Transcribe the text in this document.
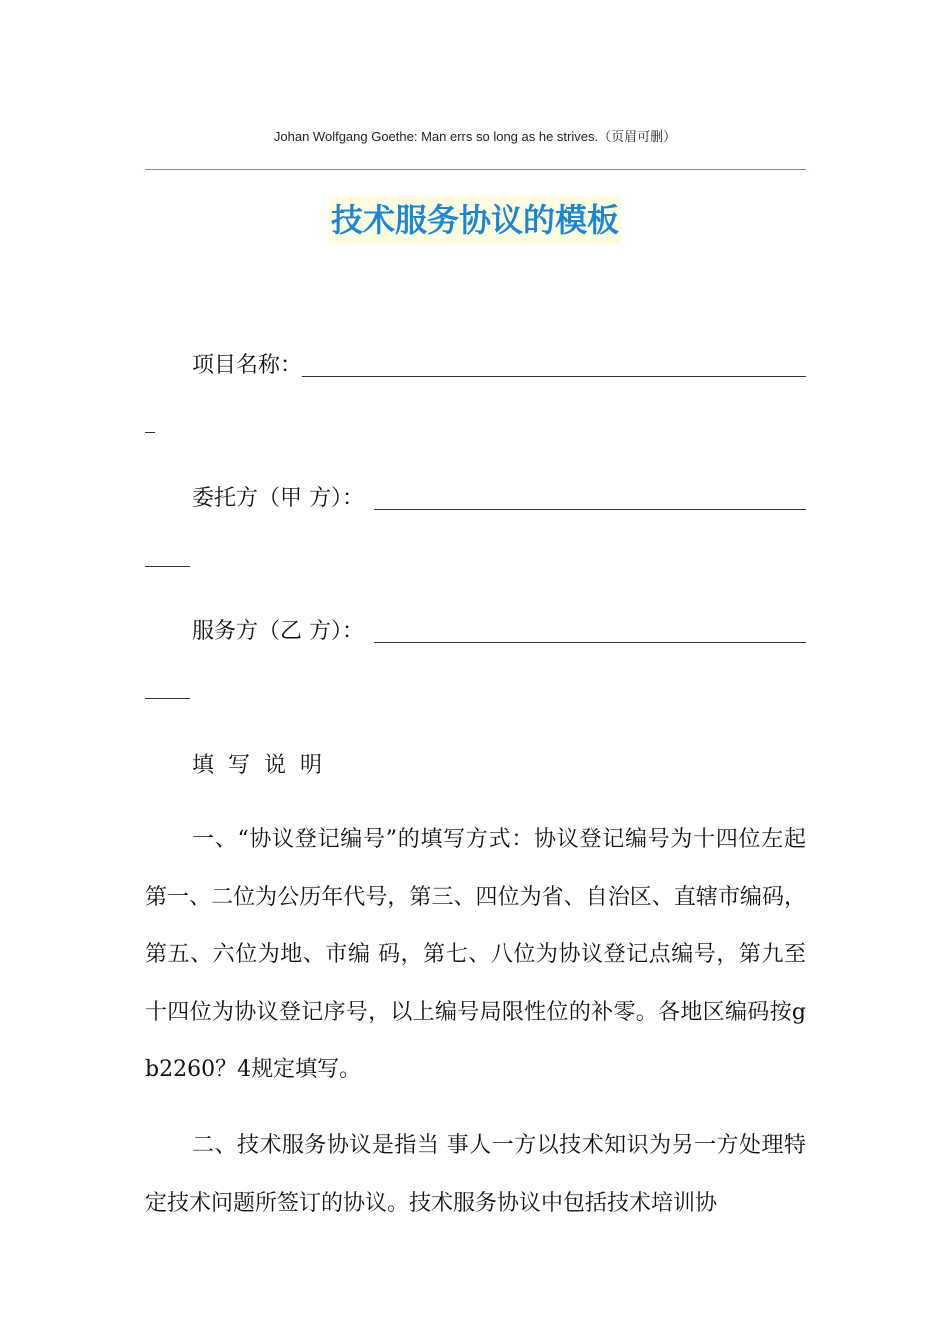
Johan Wolfgang Goethe: Man errs so long as he strives.（页眉可删）
技术服务协议的模板
项目名称：
委托方（甲 方）：
服务方（乙 方）：

填写说明

一、“协议登记编号”的填写方式：协议登记编号为十四位左起第一、二位为公历年代号，第三、四位为省、自治区、直辖市编码，第五、六位为地、市编 码，第七、八位为协议登记点编号，第九至十四位为协议登记序号，以上编号局限性位的补零。各地区编码按gb2260？4规定填写。

二、技术服务协议是指当 事人一方以技术知识为另一方处理特定技术问题所签订的协议。技术服务协议中包括技术培训协
